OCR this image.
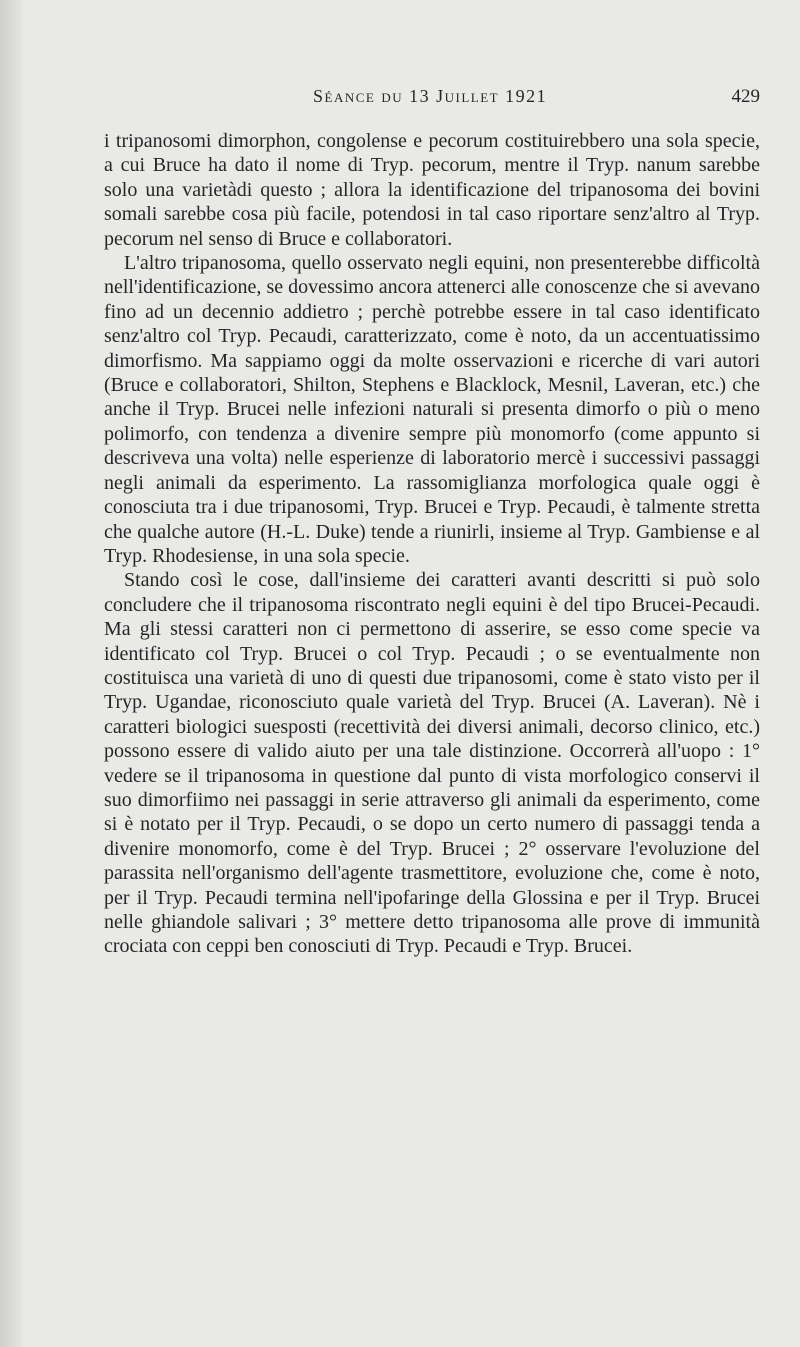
Séance du 13 Juillet 1921	429

i tripanosomi dimorphon, congolense e pecorum costituirebbero una sola specie, a cui Bruce ha dato il nome di Tryp. pecorum, mentre il Tryp. nanum sarebbe solo una varietàdi questo ; allora la identificazione del tripanosoma dei bovini somali sarebbe cosa più facile, potendosi in tal caso riportare senz'altro al Tryp. pecorum nel senso di Bruce e collaboratori.

L'altro tripanosoma, quello osservato negli equini, non presenterebbe difficoltà nell'identificazione, se dovessimo ancora attenerci alle conoscenze che si avevano fino ad un decennio addietro ; perchè potrebbe essere in tal caso identificato senz'altro col Tryp. Pecaudi, caratterizzato, come è noto, da un accentuatissimo dimorfismo. Ma sappiamo oggi da molte osservazioni e ricerche di vari autori (Bruce e collaboratori, Shilton, Stephens e Blacklock, Mesnil, Laveran, etc.) che anche il Tryp. Brucei nelle infezioni naturali si presenta dimorfo o più o meno polimorfo, con tendenza a divenire sempre più monomorfo (come appunto si descriveva una volta) nelle esperienze di laboratorio mercè i successivi passaggi negli animali da esperimento. La rassomiglianza morfologica quale oggi è conosciuta tra i due tripanosomi, Tryp. Brucei e Tryp. Pecaudi, è talmente stretta che qualche autore (H.-L. Duke) tende a riunirli, insieme al Tryp. Gambiense e al Tryp. Rhodesiense, in una sola specie.

Stando così le cose, dall'insieme dei caratteri avanti descritti si può solo concludere che il tripanosoma riscontrato negli equini è del tipo Brucei-Pecaudi. Ma gli stessi caratteri non ci permettono di asserire, se esso come specie va identificato col Tryp. Brucei o col Tryp. Pecaudi ; o se eventualmente non costituisca una varietà di uno di questi due tripanosomi, come è stato visto per il Tryp. Ugandae, riconosciuto quale varietà del Tryp. Brucei (A. Laveran). Nè i caratteri biologici suesposti (recettività dei diversi animali, decorso clinico, etc.) possono essere di valido aiuto per una tale distinzione. Occorrerà all'uopo : 1° vedere se il tripanosoma in questione dal punto di vista morfologico conservi il suo dimorfiimo nei passaggi in serie attraverso gli animali da esperimento, come si è notato per il Tryp. Pecaudi, o se dopo un certo numero di passaggi tenda a divenire monomorfo, come è del Tryp. Brucei ; 2° osservare l'evoluzione del parassita nell'organismo dell'agente trasmettitore, evoluzione che, come è noto, per il Tryp. Pecaudi termina nell'ipofaringe della Glossina e per il Tryp. Brucei nelle ghiandole salivari ; 3° mettere detto tripanosoma alle prove di immunità crociata con ceppi ben conosciuti di Tryp. Pecaudi e Tryp. Brucei.
